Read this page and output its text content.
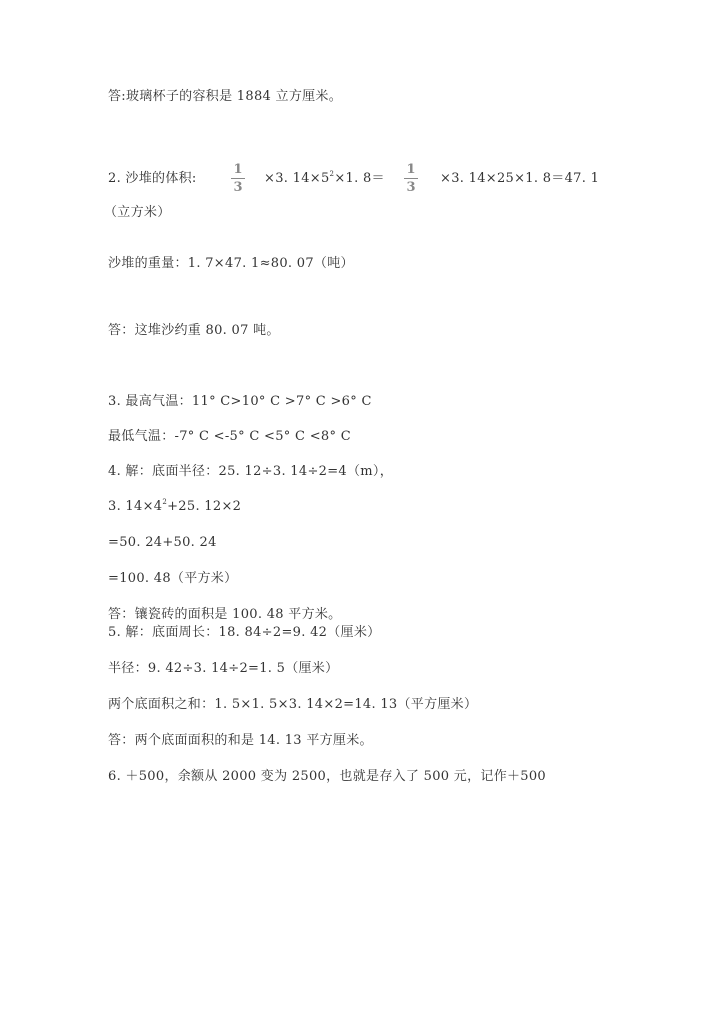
答:玻璃杯子的容积是 1884 立方厘米。
2. 沙堆的体积:
1
3
×3. $14\times 5^2\times 1$. 8＝
1
3
×3. 14×25×1. 8＝47. 1
（立方米）
沙堆的重量：1. 7×47. 1≈80. 07（吨）
答：这堆沙约重 80. 07 吨。
3. 最高气温：11° C>10° C >7° C >6° C
最低气温：-7° C <-5° C <5° C <8° C
4. 解：底面半径：25. 12÷3. 14÷2=4（m），
3. $14\times 4^2+25$. 12×2
=50. 24+50. 24
=100. 48（平方米）
答：镶瓷砖的面积是 100. 48 平方米。
5. 解：底面周长：18. 84÷2=9. 42（厘米）
半径：9. 42÷3. 14÷2=1. 5（厘米）
两个底面积之和：1. 5×1. 5×3. 14×2=14. 13（平方厘米）
答：两个底面面积的和是 14. 13 平方厘米。
6. ＋500，余额从 2000 变为 2500，也就是存入了 500 元，记作＋500
